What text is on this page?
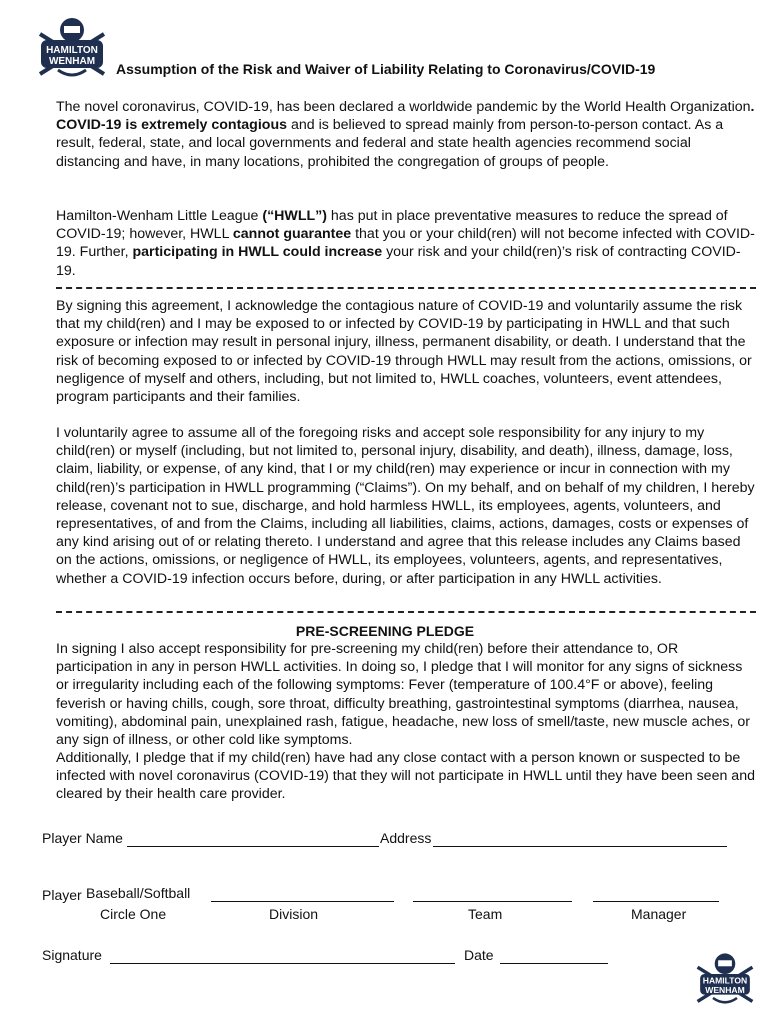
HAMILTON
WENHAM Assumption of the Risk and Waiver of Liability Relating to Coronavirus/COVID-19

The novel coronavirus, COVID-19, has been declared a worldwide pandemic by the World Health Organization. COVID-19 is extremely contagious and is believed to spread mainly from person-to-person contact. As a result, federal, state, and local governments and federal and state health agencies recommend social distancing and have, in many locations, prohibited the congregation of groups of people.

Hamilton-Wenham Little League (“HWLL”) has put in place preventative measures to reduce the spread of COVID-19; however, HWLL cannot guarantee that you or your child(ren) will not become infected with COVID-19. Further, participating in HWLL could increase your risk and your child(ren)’s risk of contracting COVID-19.

By signing this agreement, I acknowledge the contagious nature of COVID-19 and voluntarily assume the risk that my child(ren) and I may be exposed to or infected by COVID-19 by participating in HWLL and that such exposure or infection may result in personal injury, illness, permanent disability, or death. I understand that the risk of becoming exposed to or infected by COVID-19 through HWLL may result from the actions, omissions, or negligence of myself and others, including, but not limited to, HWLL coaches, volunteers, event attendees, program participants and their families.
I voluntarily agree to assume all of the foregoing risks and accept sole responsibility for any injury to my child(ren) or myself (including, but not limited to, personal injury, disability, and death), illness, damage, loss, claim, liability, or expense, of any kind, that I or my child(ren) may experience or incur in connection with my child(ren)’s participation in HWLL programming (“Claims”). On my behalf, and on behalf of my children, I hereby release, covenant not to sue, discharge, and hold harmless HWLL, its employees, agents, volunteers, and representatives, of and from the Claims, including all liabilities, claims, actions, damages, costs or expenses of any kind arising out of or relating thereto. I understand and agree that this release includes any Claims based on the actions, omissions, or negligence of HWLL, its employees, volunteers, agents, and representatives, whether a COVID-19 infection occurs before, during, or after participation in any HWLL activities.
PRE-SCREENING PLEDGE
In signing I also accept responsibility for pre-screening my child(ren) before their attendance to, OR participation in any in person HWLL activities. In doing so, I pledge that I will monitor for any signs of sickness or irregularity including each of the following symptoms: Fever (temperature of 100.4°F or above), feeling feverish or having chills, cough, sore throat, difficulty breathing, gastrointestinal symptoms (diarrhea, nausea, vomiting), abdominal pain, unexplained rash, fatigue, headache, new loss of smell/taste, new muscle aches, or any sign of illness, or other cold like symptoms.
Additionally, I pledge that if my child(ren) have had any close contact with a person known or suspected to be infected with novel coronavirus (COVID-19) that they will not participate in HWLL until they have been seen and cleared by their health care provider.
Player Name	Address
Player Baseball/Softball
Circle One	Division	Team	Manager
Signature	Date
HAMILTON
WENHAM
